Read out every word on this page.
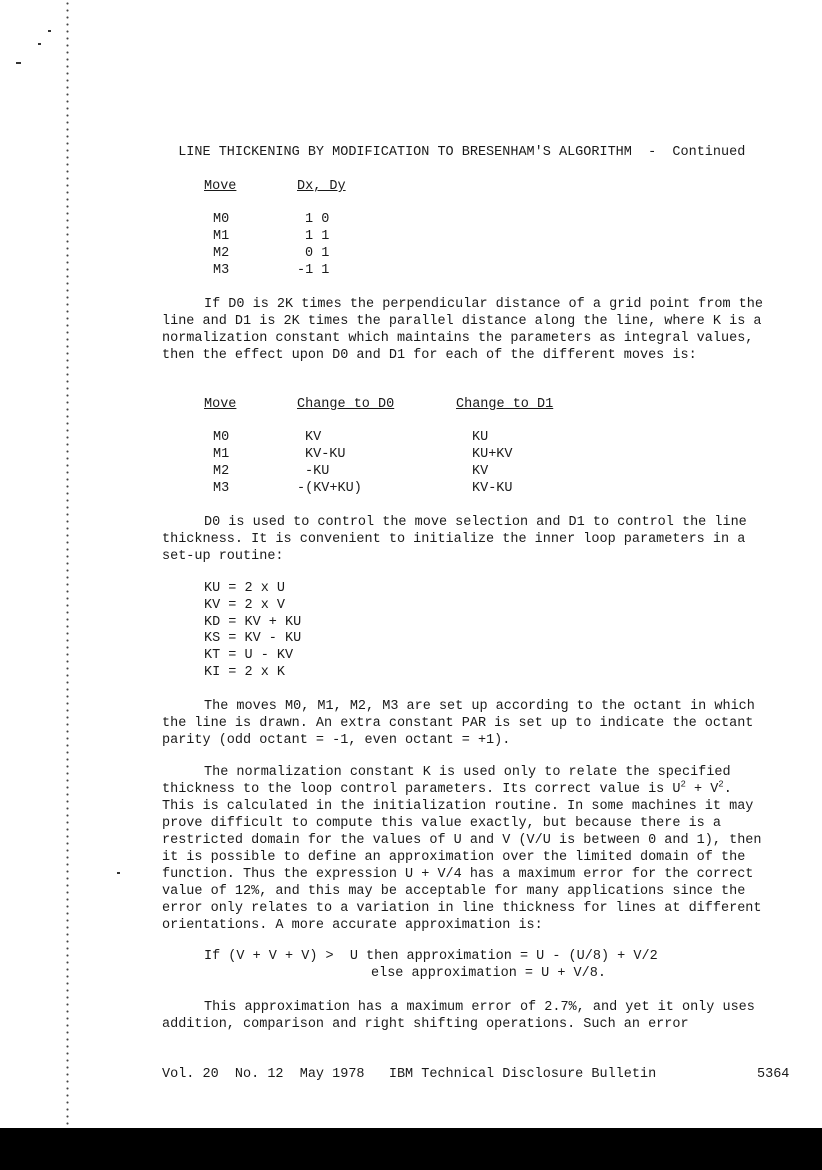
LINE THICKENING BY MODIFICATION TO BRESENHAM'S ALGORITHM - Continued

Move	Dx, Dy
M0	1 0
M1	1 1
M2	0 1
M3	-1 1
If D0 is 2K times the perpendicular distance of a grid point from the line and D1 is 2K times the parallel distance along the line, where K is a normalization constant which maintains the parameters as integral values, then the effect upon D0 and D1 for each of the different moves is:
Move	Change to D0	Change to D1
M0	KV	KU
M1	KV-KU	KU+KV
M2	-KU	KV
M3	-(KV+KU)	KV-KU
D0 is used to control the move selection and D1 to control the line thickness. It is convenient to initialize the inner loop parameters in a set-up routine:
KU = 2 x U
KV = 2 x V
KD = KV + KU
KS = KV - KU
KT = U - KV
KI = 2 x K
The moves M0, M1, M2, M3 are set up according to the octant in which the line is drawn. An extra constant PAR is set up to indicate the octant parity (odd octant = -1, even octant = +1).
The normalization constant K is used only to relate the specified thickness to the loop control parameters. Its correct value is $U^2 + V^2$. This is calculated in the initialization routine. In some machines it may prove difficult to compute this value exactly, but because there is a restricted domain for the values of U and V (V/U is between 0 and 1), then it is possible to define an approximation over the limited domain of the function. Thus the expression U + V/4 has a maximum error for the correct value of 12%, and this may be acceptable for many applications since the error only relates to a variation in line thickness for lines at different orientations. A more accurate approximation is:
If (V + V + V) >  U then approximation = U - (U/8) + V/2
else approximation = U + V/8.
This approximation has a maximum error of 2.7%, and yet it only uses addition, comparison and right shifting operations. Such an error
Vol. 20  No. 12  May 1978   IBM Technical Disclosure Bulletin	5364
